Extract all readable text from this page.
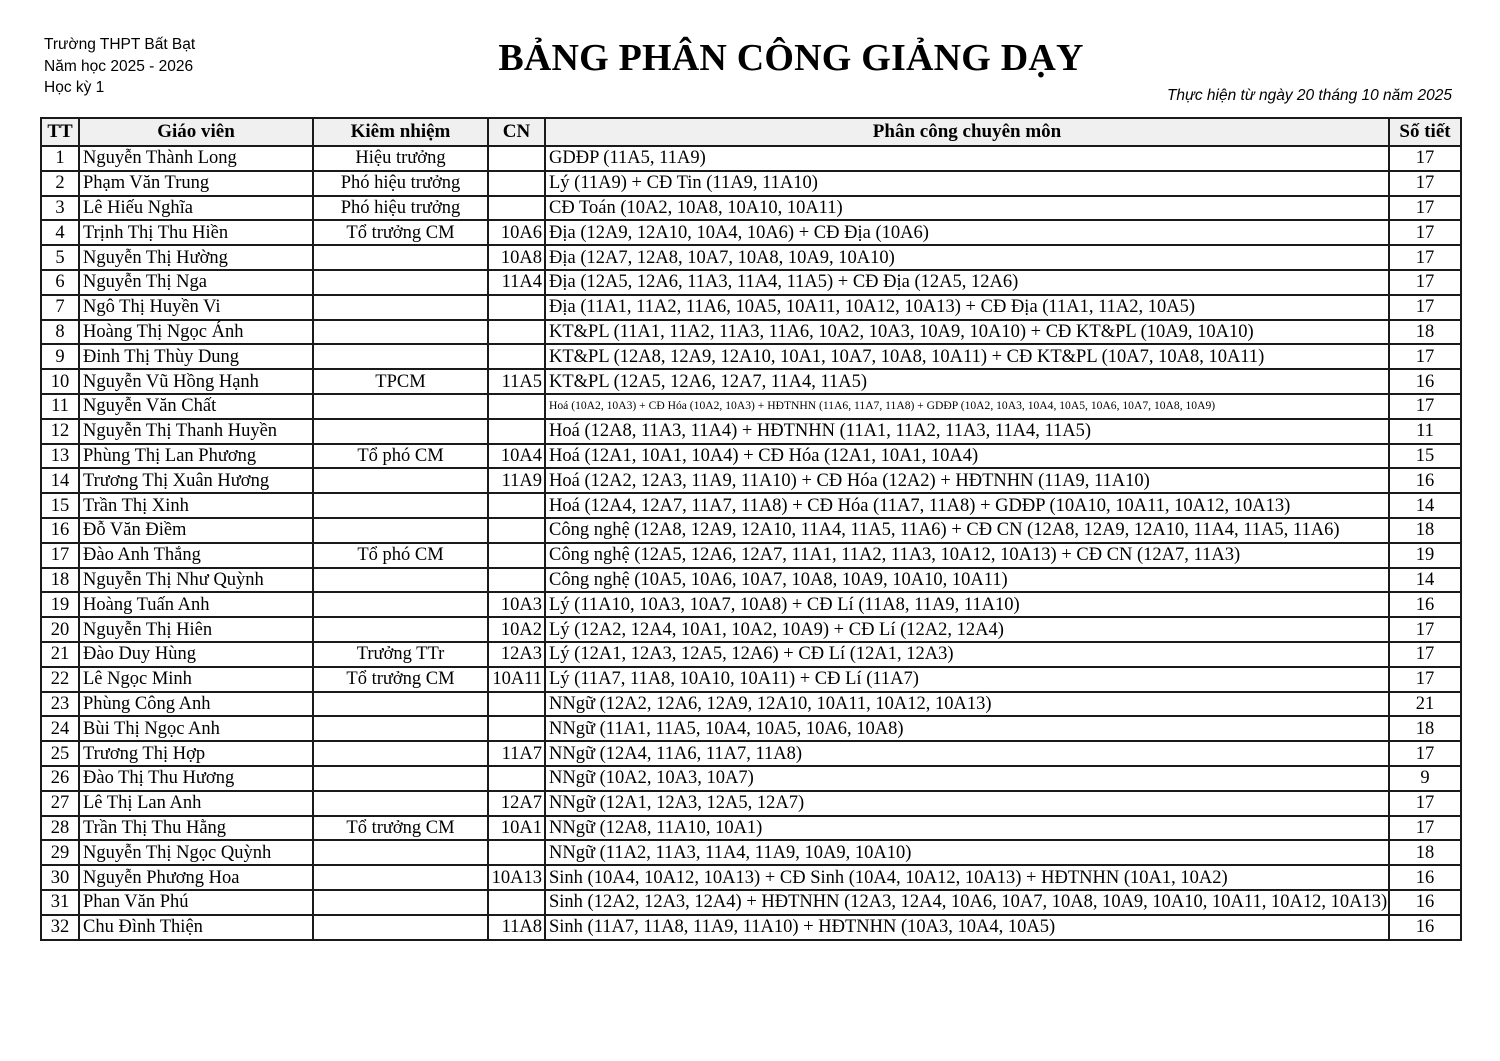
Trường THPT Bất Bạt
Năm học 2025 - 2026
Học kỳ 1
BẢNG PHÂN CÔNG GIẢNG DẠY
Thực hiện từ ngày 20 tháng 10 năm 2025
TT	Giáo viên	Kiêm nhiệm	CN	Phân công chuyên môn	Số tiết
1	Nguyễn Thành Long	Hiệu trưởng		GDĐP (11A5, 11A9)	17
2	Phạm Văn Trung	Phó hiệu trưởng		Lý (11A9) + CĐ Tin (11A9, 11A10)	17
3	Lê Hiếu Nghĩa	Phó hiệu trưởng		CĐ Toán (10A2, 10A8, 10A10, 10A11)	17
4	Trịnh Thị Thu Hiền	Tổ trưởng CM	10A6	Địa (12A9, 12A10, 10A4, 10A6) + CĐ Địa (10A6)	17
5	Nguyễn Thị Hường		10A8	Địa (12A7, 12A8, 10A7, 10A8, 10A9, 10A10)	17
6	Nguyễn Thị Nga		11A4	Địa (12A5, 12A6, 11A3, 11A4, 11A5) + CĐ Địa (12A5, 12A6)	17
7	Ngô Thị Huyền Vi			Địa (11A1, 11A2, 11A6, 10A5, 10A11, 10A12, 10A13) + CĐ Địa (11A1, 11A2, 10A5)	17
8	Hoàng Thị Ngọc Ánh			KT&PL (11A1, 11A2, 11A3, 11A6, 10A2, 10A3, 10A9, 10A10) + CĐ KT&PL (10A9, 10A10)	18
9	Đinh Thị Thùy Dung			KT&PL (12A8, 12A9, 12A10, 10A1, 10A7, 10A8, 10A11) + CĐ KT&PL (10A7, 10A8, 10A11)	17
10	Nguyễn Vũ Hồng Hạnh	TPCM	11A5	KT&PL (12A5, 12A6, 12A7, 11A4, 11A5)	16
11	Nguyễn Văn Chất			Hoá (10A2, 10A3) + CĐ Hóa (10A2, 10A3) + HĐTNHN (11A6, 11A7, 11A8) + GDĐP (10A2, 10A3, 10A4, 10A5, 10A6, 10A7, 10A8, 10A9)	17
12	Nguyễn Thị Thanh Huyền			Hoá (12A8, 11A3, 11A4) + HĐTNHN (11A1, 11A2, 11A3, 11A4, 11A5)	11
13	Phùng Thị Lan Phương	Tổ phó CM	10A4	Hoá (12A1, 10A1, 10A4) + CĐ Hóa (12A1, 10A1, 10A4)	15
14	Trương Thị Xuân Hương		11A9	Hoá (12A2, 12A3, 11A9, 11A10) + CĐ Hóa (12A2) + HĐTNHN (11A9, 11A10)	16
15	Trần Thị Xinh			Hoá (12A4, 12A7, 11A7, 11A8) + CĐ Hóa (11A7, 11A8) + GDĐP (10A10, 10A11, 10A12, 10A13)	14
16	Đỗ Văn Điềm			Công nghệ (12A8, 12A9, 12A10, 11A4, 11A5, 11A6) + CĐ CN (12A8, 12A9, 12A10, 11A4, 11A5, 11A6)	18
17	Đào Anh Thắng	Tổ phó CM		Công nghệ (12A5, 12A6, 12A7, 11A1, 11A2, 11A3, 10A12, 10A13) + CĐ CN (12A7, 11A3)	19
18	Nguyễn Thị Như Quỳnh			Công nghệ (10A5, 10A6, 10A7, 10A8, 10A9, 10A10, 10A11)	14
19	Hoàng Tuấn Anh		10A3	Lý (11A10, 10A3, 10A7, 10A8) + CĐ Lí (11A8, 11A9, 11A10)	16
20	Nguyễn Thị Hiên		10A2	Lý (12A2, 12A4, 10A1, 10A2, 10A9) + CĐ Lí (12A2, 12A4)	17
21	Đào Duy Hùng	Trưởng TTr	12A3	Lý (12A1, 12A3, 12A5, 12A6) + CĐ Lí (12A1, 12A3)	17
22	Lê Ngọc Minh	Tổ trưởng CM	10A11	Lý (11A7, 11A8, 10A10, 10A11) + CĐ Lí (11A7)	17
23	Phùng Công Anh			NNgữ (12A2, 12A6, 12A9, 12A10, 10A11, 10A12, 10A13)	21
24	Bùi Thị Ngọc Anh			NNgữ (11A1, 11A5, 10A4, 10A5, 10A6, 10A8)	18
25	Trương Thị Hợp		11A7	NNgữ (12A4, 11A6, 11A7, 11A8)	17
26	Đào Thị Thu Hương			NNgữ (10A2, 10A3, 10A7)	9
27	Lê Thị Lan Anh		12A7	NNgữ (12A1, 12A3, 12A5, 12A7)	17
28	Trần Thị Thu Hằng	Tổ trưởng CM	10A1	NNgữ (12A8, 11A10, 10A1)	17
29	Nguyễn Thị Ngọc Quỳnh			NNgữ (11A2, 11A3, 11A4, 11A9, 10A9, 10A10)	18
30	Nguyễn Phương Hoa		10A13	Sinh (10A4, 10A12, 10A13) + CĐ Sinh (10A4, 10A12, 10A13) + HĐTNHN (10A1, 10A2)	16
31	Phan Văn Phú			Sinh (12A2, 12A3, 12A4) + HĐTNHN (12A3, 12A4, 10A6, 10A7, 10A8, 10A9, 10A10, 10A11, 10A12, 10A13)	16
32	Chu Đình Thiện		11A8	Sinh (11A7, 11A8, 11A9, 11A10) + HĐTNHN (10A3, 10A4, 10A5)	16
